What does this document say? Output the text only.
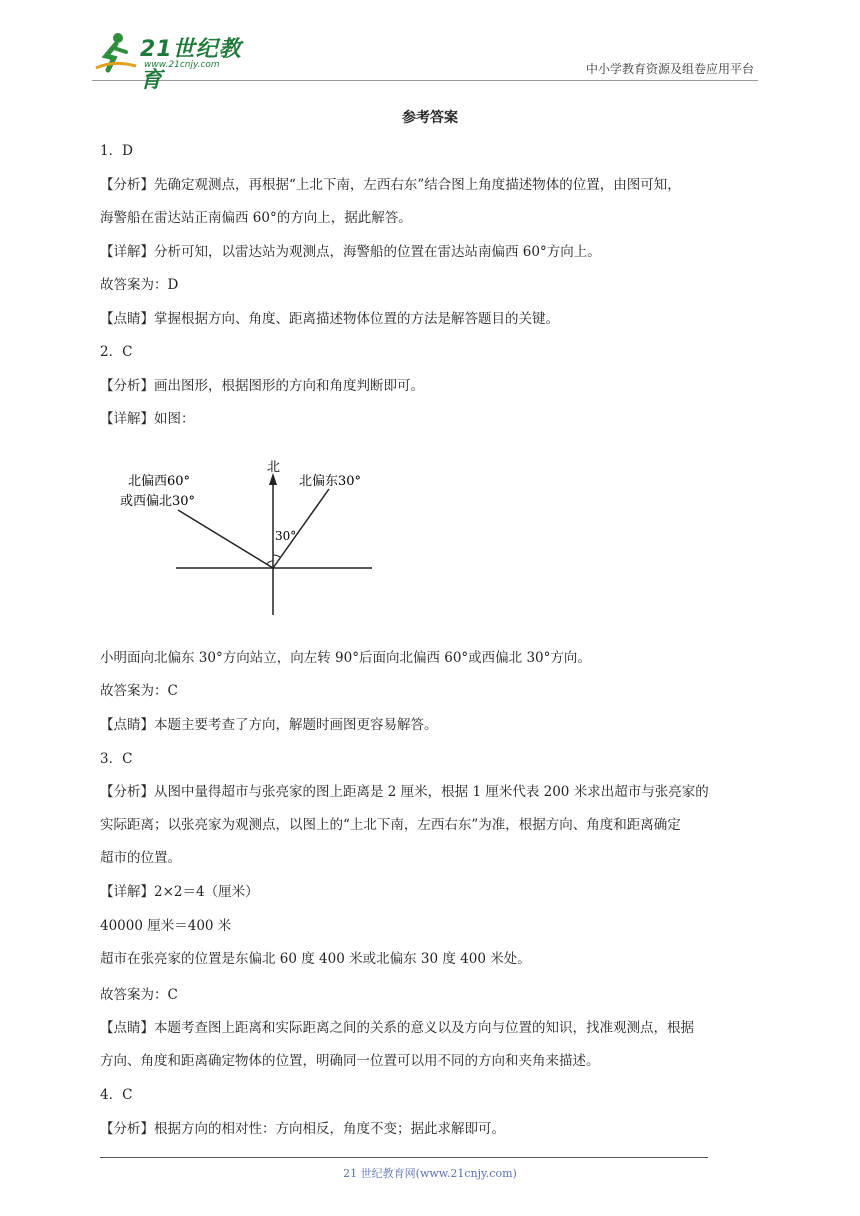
21世纪教育
www.21cnjy.com	中小学教育资源及组卷应用平台
参考答案
1．D
【分析】先确定观测点，再根据“上北下南，左西右东”结合图上角度描述物体的位置，由图可知，
海警船在雷达站正南偏西 60°的方向上，据此解答。
【详解】分析可知，以雷达站为观测点，海警船的位置在雷达站南偏西 60°方向上。
故答案为：D
【点睛】掌握根据方向、角度、距离描述物体位置的方法是解答题目的关键。
2．C
【分析】画出图形，根据图形的方向和角度判断即可。
【详解】如图：
北
北偏东30°
北偏西60°
或西偏北30°
30°
小明面向北偏东 30°方向站立，向左转 90°后面向北偏西 60°或西偏北 30°方向。
故答案为：C
【点睛】本题主要考查了方向，解题时画图更容易解答。
3．C
【分析】从图中量得超市与张亮家的图上距离是 2 厘米，根据 1 厘米代表 200 米求出超市与张亮家的
实际距离；以张亮家为观测点，以图上的“上北下南，左西右东”为准，根据方向、角度和距离确定
超市的位置。
【详解】2×2＝4（厘米）
40000 厘米＝400 米
超市在张亮家的位置是东偏北 60 度 400 米或北偏东 30 度 400 米处。
故答案为：C
【点睛】本题考查图上距离和实际距离之间的关系的意义以及方向与位置的知识，找准观测点，根据
方向、角度和距离确定物体的位置，明确同一位置可以用不同的方向和夹角来描述。
4．C
【分析】根据方向的相对性：方向相反，角度不变；据此求解即可。
21 世纪教育网(www.21cnjy.com)
